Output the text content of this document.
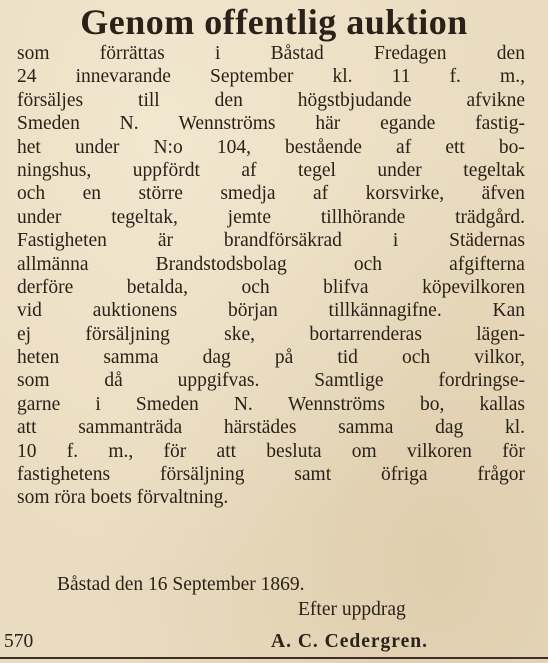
Genom offentlig auktion
som	förrättas	i	Båstad	Fredagen	den
24 innevarande September kl. 11 f. m.,
försäljes	till	den	högstbjudande	afvikne
Smeden N. Wennströms här egande fastig-
het under N:o 104, bestående af ett bo-
ningshus, uppfördt af tegel under tegeltak
och en större smedja af korsvirke, äfven
under	tegeltak,	jemte	tillhörande	trädgård.
Fastigheten	är	brandförsäkrad	i	Städernas
allmänna	Brandstodsbolag	och	afgifterna
derföre	betalda,	och	blifva	köpevilkoren
vid	auktionens	början	tillkännagifne.	Kan
ej	försäljning	ske,	bortarrenderas	lägen-
heten samma dag på tid och vilkor,
som	då	uppgifvas.	Samtlige	fordringse-
garne i Smeden N. Wennströms bo, kallas
att sammanträda härstädes samma dag kl.
10 f. m., för att besluta om vilkoren för
fastighetens	försäljning	samt	öfriga	frågor
som röra boets förvaltning.
Båstad den 16 September 1869.
Efter uppdrag
570	A. C. Cedergren.
